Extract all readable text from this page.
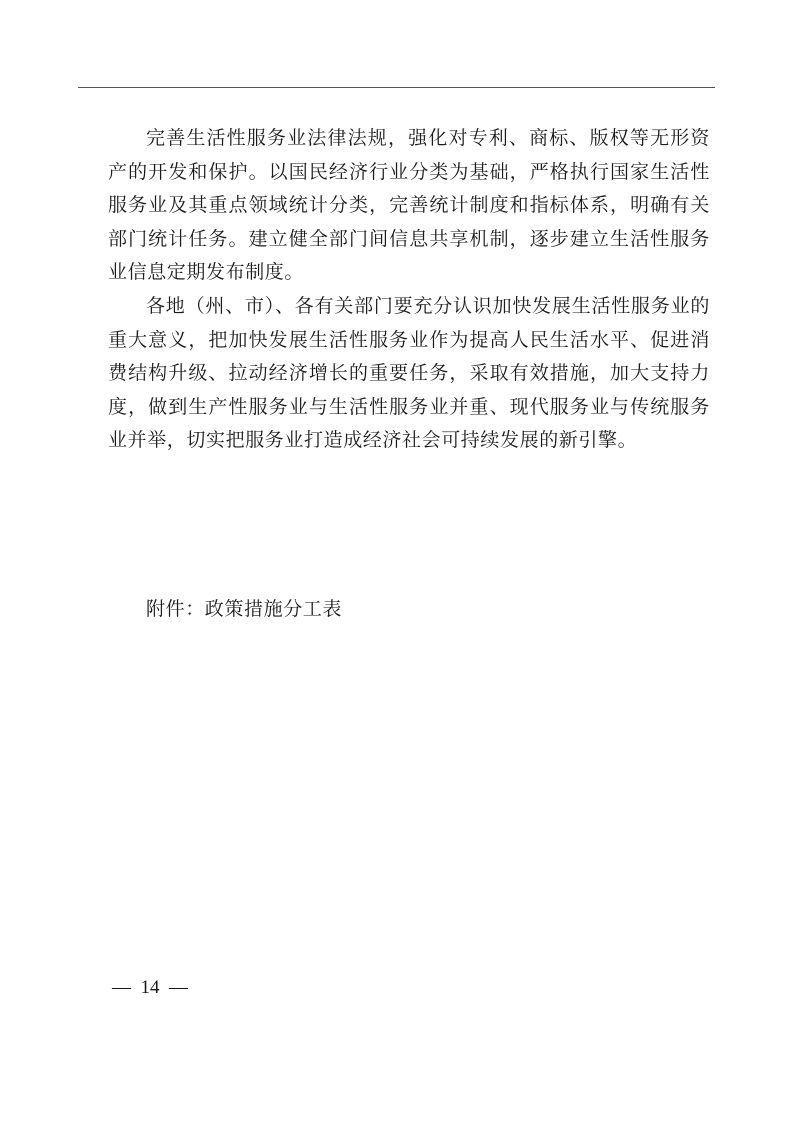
完善生活性服务业法律法规，强化对专利、商标、版权等无形资产的开发和保护。以国民经济行业分类为基础，严格执行国家生活性服务业及其重点领域统计分类，完善统计制度和指标体系，明确有关部门统计任务。建立健全部门间信息共享机制，逐步建立生活性服务业信息定期发布制度。

各地（州、市）、各有关部门要充分认识加快发展生活性服务业的重大意义，把加快发展生活性服务业作为提高人民生活水平、促进消费结构升级、拉动经济增长的重要任务，采取有效措施，加大支持力度，做到生产性服务业与生活性服务业并重、现代服务业与传统服务业并举，切实把服务业打造成经济社会可持续发展的新引擎。

附件：政策措施分工表

—  14  —
